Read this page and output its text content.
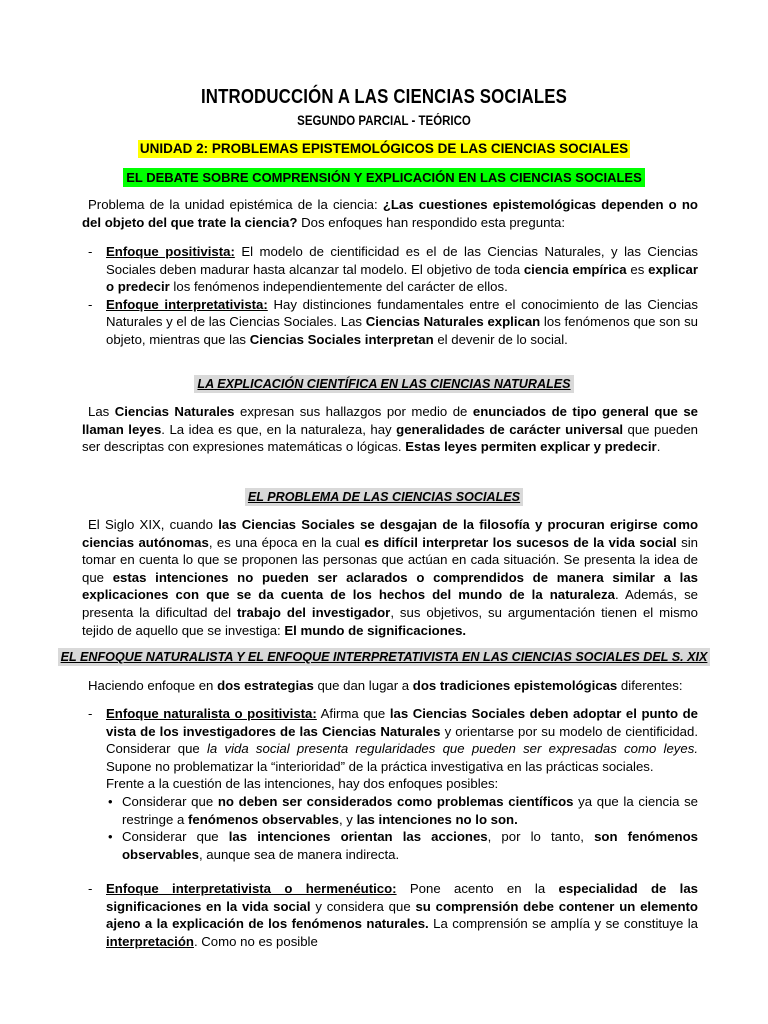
INTRODUCCIÓN A LAS CIENCIAS SOCIALES
SEGUNDO PARCIAL - TEÓRICO
UNIDAD 2: PROBLEMAS EPISTEMOLÓGICOS DE LAS CIENCIAS SOCIALES
EL DEBATE SOBRE COMPRENSIÓN Y EXPLICACIÓN EN LAS CIENCIAS SOCIALES

Problema de la unidad epistémica de la ciencia: ¿Las cuestiones epistemológicas dependen o no del objeto del que trate la ciencia? Dos enfoques han respondido esta pregunta:

- Enfoque positivista: El modelo de cientificidad es el de las Ciencias Naturales, y las Ciencias Sociales deben madurar hasta alcanzar tal modelo. El objetivo de toda ciencia empírica es explicar o predecir los fenómenos independientemente del carácter de ellos.
- Enfoque interpretativista: Hay distinciones fundamentales entre el conocimiento de las Ciencias Naturales y el de las Ciencias Sociales. Las Ciencias Naturales explican los fenómenos que son su objeto, mientras que las Ciencias Sociales interpretan el devenir de lo social.
LA EXPLICACIÓN CIENTÍFICA EN LAS CIENCIAS NATURALES

Las Ciencias Naturales expresan sus hallazgos por medio de enunciados de tipo general que se llaman leyes. La idea es que, en la naturaleza, hay generalidades de carácter universal que pueden ser descriptas con expresiones matemáticas o lógicas. Estas leyes permiten explicar y predecir.

EL PROBLEMA DE LAS CIENCIAS SOCIALES

El Siglo XIX, cuando las Ciencias Sociales se desgajan de la filosofía y procuran erigirse como ciencias autónomas, es una época en la cual es difícil interpretar los sucesos de la vida social sin tomar en cuenta lo que se proponen las personas que actúan en cada situación. Se presenta la idea de que estas intenciones no pueden ser aclarados o comprendidos de manera similar a las explicaciones con que se da cuenta de los hechos del mundo de la naturaleza. Además, se presenta la dificultad del trabajo del investigador, sus objetivos, su argumentación tienen el mismo tejido de aquello que se investiga: El mundo de significaciones.

EL ENFOQUE NATURALISTA Y EL ENFOQUE INTERPRETATIVISTA EN LAS CIENCIAS SOCIALES DEL S. XIX

Haciendo enfoque en dos estrategias que dan lugar a dos tradiciones epistemológicas diferentes:

- Enfoque naturalista o positivista: Afirma que las Ciencias Sociales deben adoptar el punto de vista de los investigadores de las Ciencias Naturales y orientarse por su modelo de cientificidad. Considerar que la vida social presenta regularidades que pueden ser expresadas como leyes. Supone no problematizar la “interioridad” de la práctica investigativa en las prácticas sociales.
Frente a la cuestión de las intenciones, hay dos enfoques posibles:
• Considerar que no deben ser considerados como problemas científicos ya que la ciencia se restringe a fenómenos observables, y las intenciones no lo son.
• Considerar que las intenciones orientan las acciones, por lo tanto, son fenómenos observables, aunque sea de manera indirecta.
- Enfoque interpretativista o hermenéutico: Pone acento en la especialidad de las significaciones en la vida social y considera que su comprensión debe contener un elemento ajeno a la explicación de los fenómenos naturales. La comprensión se amplía y se constituye la interpretación. Como no es posible
